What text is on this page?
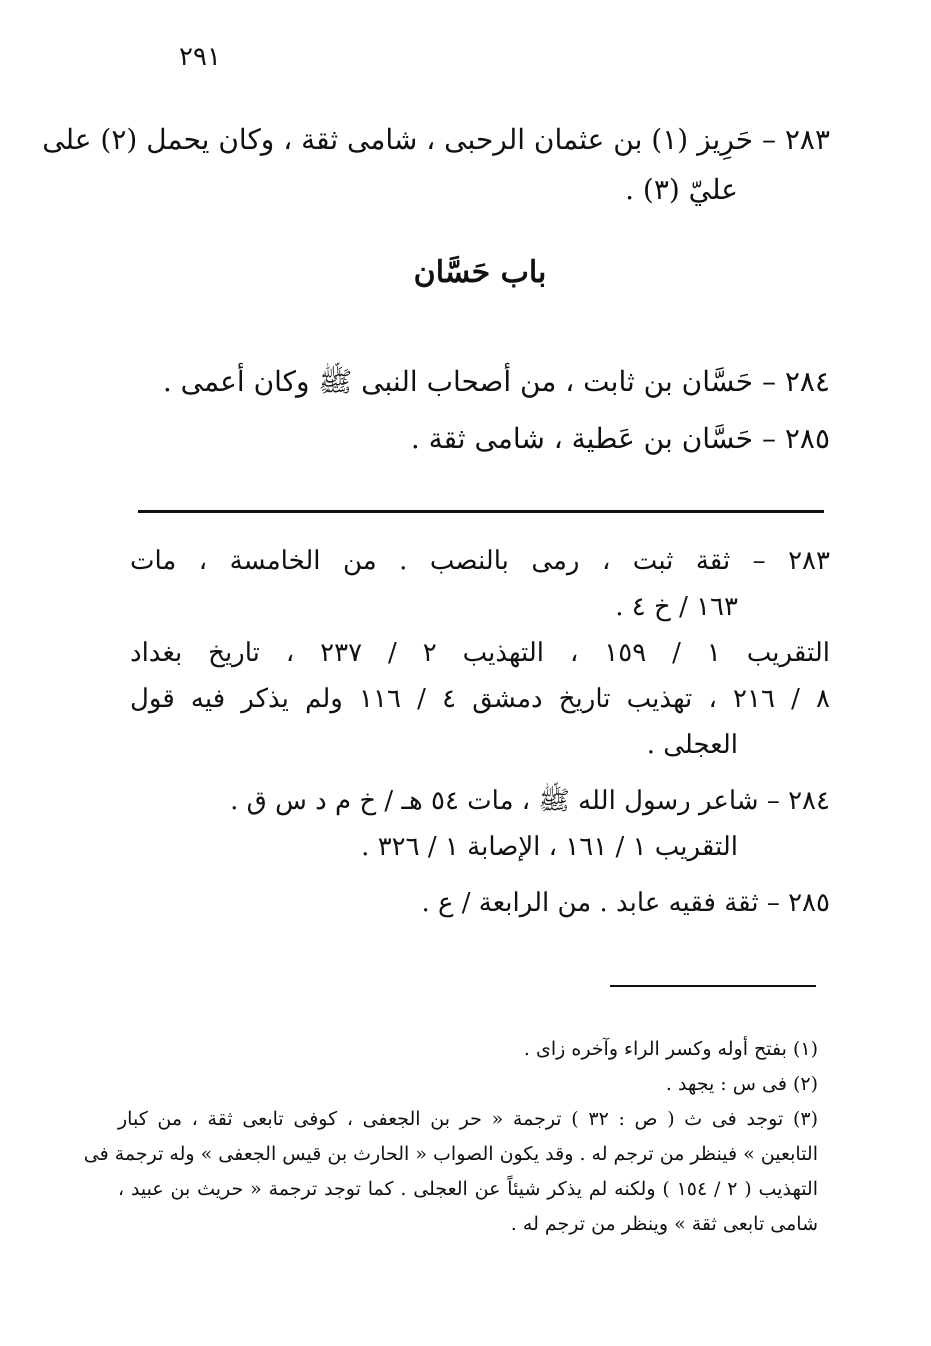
٢٩١
٢٨٣ – حَرِيز (١) بن عثمان الرحبى ، شامى ثقة ، وكان يحمل (٢) على
عليّ (٣) .
باب حَسَّان
٢٨٤ – حَسَّان بن ثابت ، من أصحاب النبى ﷺ وكان أعمى .
٢٨٥ – حَسَّان بن عَطية ، شامى ثقة .
٢٨٣ – ثقة ثبت ، رمى بالنصب . من الخامسة ، مات
١٦٣ / خ ٤ .
التقريب ١ / ١٥٩ ، التهذيب ٢ / ٢٣٧ ، تاريخ بغداد
٨ / ٢١٦ ، تهذيب تاريخ دمشق ٤ / ١١٦ ولم يذكر فيه قول
العجلى .
٢٨٤ – شاعر رسول الله ﷺ ، مات ٥٤ هـ / خ م د س ق .
التقريب ١ / ١٦١ ، الإصابة ١ / ٣٢٦ .
٢٨٥ – ثقة فقيه عابد . من الرابعة / ع .
(١) بفتح أوله وكسر الراء وآخره زاى .
(٢) فى س : يجهد .
(٣) توجد فى ث ( ص : ٣٢ ) ترجمة « حر بن الجعفى ، كوفى تابعى ثقة ، من كبار
التابعين » فينظر من ترجم له . وقد يكون الصواب « الحارث بن قيس الجعفى » وله ترجمة فى
التهذيب ( ٢ / ١٥٤ ) ولكنه لم يذكر شيئاً عن العجلى . كما توجد ترجمة « حريث بن عبيد ،
شامى تابعى ثقة » وينظر من ترجم له .
